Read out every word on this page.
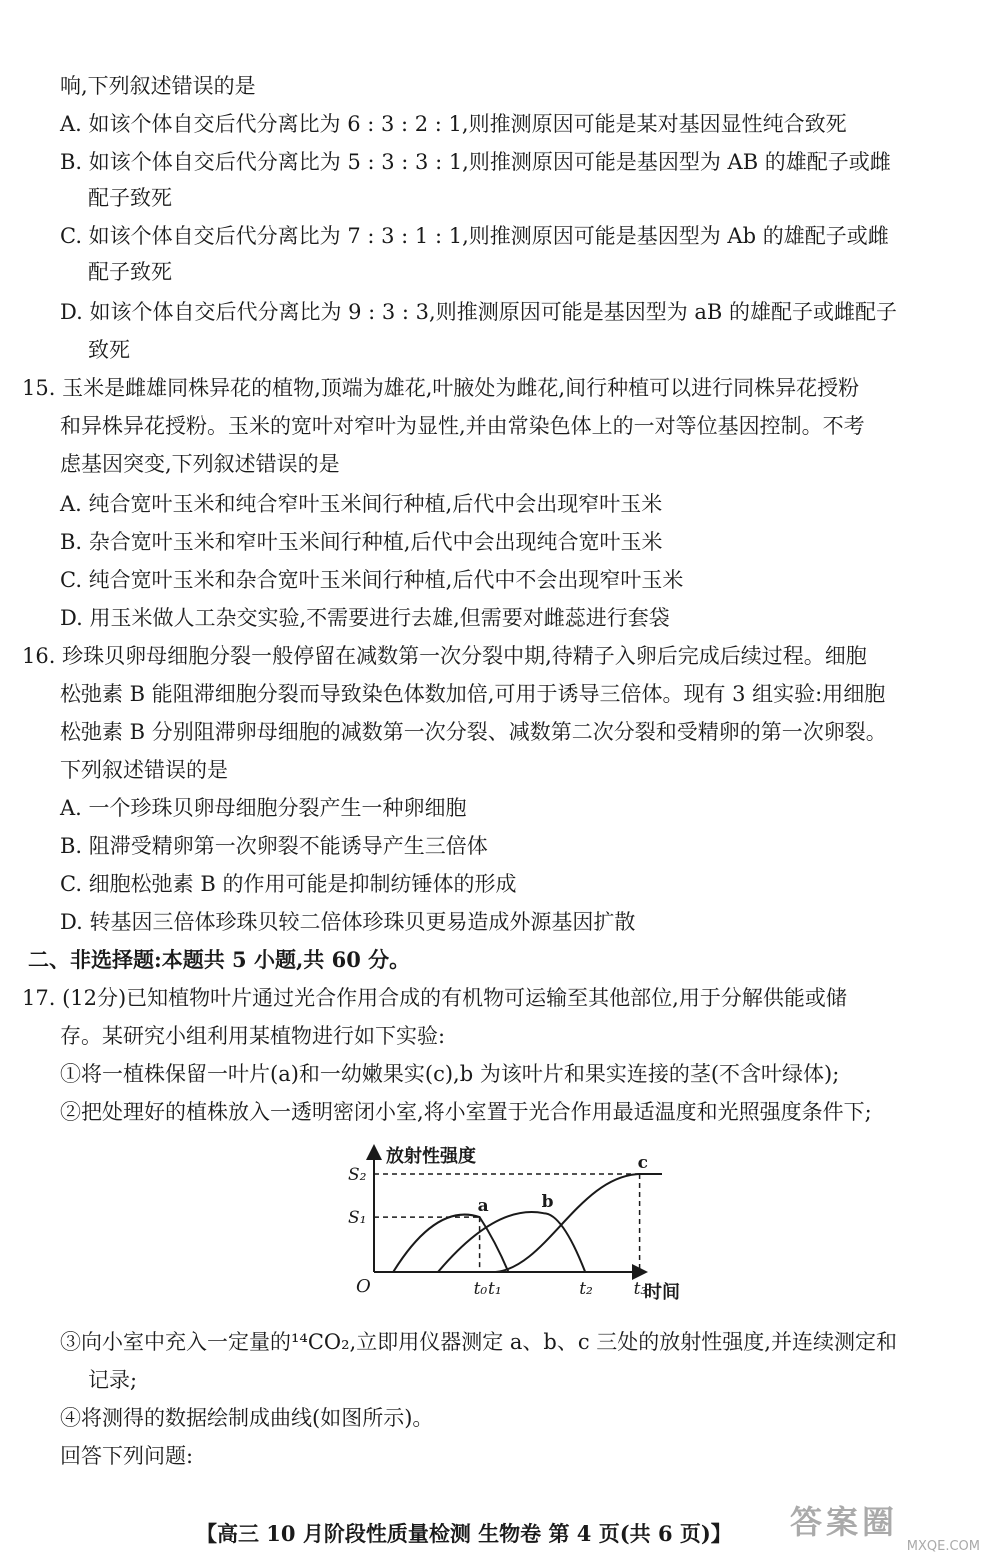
响,下列叙述错误的是
A. 如该个体自交后代分离比为 6 : 3 : 2 : 1,则推测原因可能是某对基因显性纯合致死
B. 如该个体自交后代分离比为 5 : 3 : 3 : 1,则推测原因可能是基因型为 AB 的雄配子或雌
配子致死
C. 如该个体自交后代分离比为 7 : 3 : 1 : 1,则推测原因可能是基因型为 Ab 的雄配子或雌
配子致死
D. 如该个体自交后代分离比为 9 : 3 : 3,则推测原因可能是基因型为 aB 的雄配子或雌配子
致死
15. 玉米是雌雄同株异花的植物,顶端为雄花,叶腋处为雌花,间行种植可以进行同株异花授粉
和异株异花授粉。玉米的宽叶对窄叶为显性,并由常染色体上的一对等位基因控制。不考
虑基因突变,下列叙述错误的是
A. 纯合宽叶玉米和纯合窄叶玉米间行种植,后代中会出现窄叶玉米
B. 杂合宽叶玉米和窄叶玉米间行种植,后代中会出现纯合宽叶玉米
C. 纯合宽叶玉米和杂合宽叶玉米间行种植,后代中不会出现窄叶玉米
D. 用玉米做人工杂交实验,不需要进行去雄,但需要对雌蕊进行套袋
16. 珍珠贝卵母细胞分裂一般停留在减数第一次分裂中期,待精子入卵后完成后续过程。细胞
松弛素 B 能阻滞细胞分裂而导致染色体数加倍,可用于诱导三倍体。现有 3 组实验:用细胞
松弛素 B 分别阻滞卵母细胞的减数第一次分裂、减数第二次分裂和受精卵的第一次卵裂。
下列叙述错误的是
A. 一个珍珠贝卵母细胞分裂产生一种卵细胞
B. 阻滞受精卵第一次卵裂不能诱导产生三倍体
C. 细胞松弛素 B 的作用可能是抑制纺锤体的形成
D. 转基因三倍体珍珠贝较二倍体珍珠贝更易造成外源基因扩散
二、非选择题:本题共 5 小题,共 60 分。
17. (12分)已知植物叶片通过光合作用合成的有机物可运输至其他部位,用于分解供能或储
存。某研究小组利用某植物进行如下实验:
①将一植株保留一叶片(a)和一幼嫩果实(c),b 为该叶片和果实连接的茎(不含叶绿体);
②把处理好的植株放入一透明密闭小室,将小室置于光合作用最适温度和光照强度条件下;
放射性强度
时间
O
a	b
c
S₂
S₁
t₀ t₁	t₂ t₃
③向小室中充入一定量的¹⁴CO₂,立即用仪器测定 a、b、c 三处的放射性强度,并连续测定和
记录;
④将测得的数据绘制成曲线(如图所示)。
回答下列问题:
【高三 10 月阶段性质量检测 生物卷 第 4 页(共 6 页)】 答案圈
MXQE.COM
